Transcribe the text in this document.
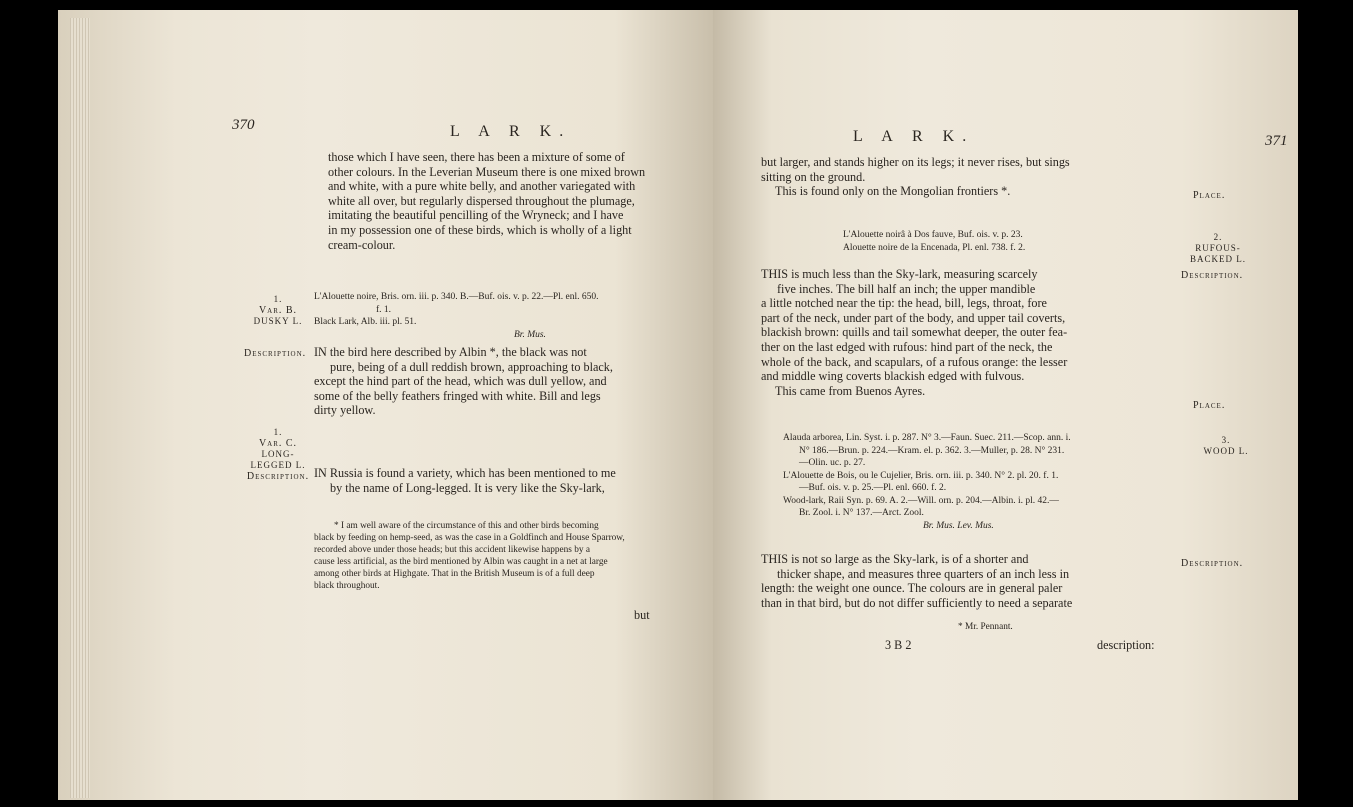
370	L A R K.
those which I have seen, there has been a mixture of some of
other colours. In the Leverian Museum there is one mixed brown
and white, with a pure white belly, and another variegated with
white all over, but regularly dispersed throughout the plumage,
imitating the beautiful pencilling of the Wryneck; and I have
in my possession one of these birds, which is wholly of a light
cream-colour.
1.
Var. B.
DUSKY L.
L'Alouette noire, Bris. orn. iii. p. 340. B.—Buf. ois. v. p. 22.—Pl. enl. 650.
f. 1.
Black Lark, Alb. iii. pl. 51.
Br. Mus.
Description. IN the bird here described by Albin *, the black was not
pure, being of a dull reddish brown, approaching to black,
except the hind part of the head, which was dull yellow, and
some of the belly feathers fringed with white. Bill and legs
dirty yellow.
1.
Var. C.
LONG-
LEGGED L.
Description. IN Russia is found a variety, which has been mentioned to me
by the name of Long-legged. It is very like the Sky-lark,
* I am well aware of the circumstance of this and other birds becoming
black by feeding on hemp-seed, as was the case in a Goldfinch and House Sparrow,
recorded above under those heads; but this accident likewise happens by a
cause less artificial, as the bird mentioned by Albin was caught in a net at large
among other birds at Highgate. That in the British Museum is of a full deep
black throughout.
but
L A R K.	371
but larger, and stands higher on its legs; it never rises, but sings
sitting on the ground.
This is found only on the Mongolian frontiers *.	Place.
L'Alouette noirâ à Dos fauve, Buf. ois. v. p. 23.
Alouette noire de la Encenada, Pl. enl. 738. f. 2.
2.
RUFOUS-
BACKED L.
Description.
THIS is much less than the Sky-lark, measuring scarcely
five inches. The bill half an inch; the upper mandible
a little notched near the tip: the head, bill, legs, throat, fore
part of the neck, under part of the body, and upper tail coverts,
blackish brown: quills and tail somewhat deeper, the outer fea-
ther on the last edged with rufous: hind part of the neck, the
whole of the back, and scapulars, of a rufous orange: the lesser
and middle wing coverts blackish edged with fulvous.
This came from Buenos Ayres.
Place.
Alauda arborea, Lin. Syst. i. p. 287. N° 3.—Faun. Suec. 211.—Scop. ann. i.
N° 186.—Brun. p. 224.—Kram. el. p. 362. 3.—Muller, p. 28. N° 231.
—Olin. uc. p. 27.
L'Alouette de Bois, ou le Cujelier, Bris. orn. iii. p. 340. N° 2. pl. 20. f. 1.
—Buf. ois. v. p. 25.—Pl. enl. 660. f. 2.
Wood-lark, Raii Syn. p. 69. A. 2.—Will. orn. p. 204.—Albin. i. pl. 42.—
Br. Zool. i. N° 137.—Arct. Zool.
Br. Mus. Lev. Mus.
3.
WOOD L.
THIS is not so large as the Sky-lark, is of a shorter and
thicker shape, and measures three quarters of an inch less in
length: the weight one ounce. The colours are in general paler
than in that bird, but do not differ sufficiently to need a separate
Description.
* Mr. Pennant.
3 B 2	description:
